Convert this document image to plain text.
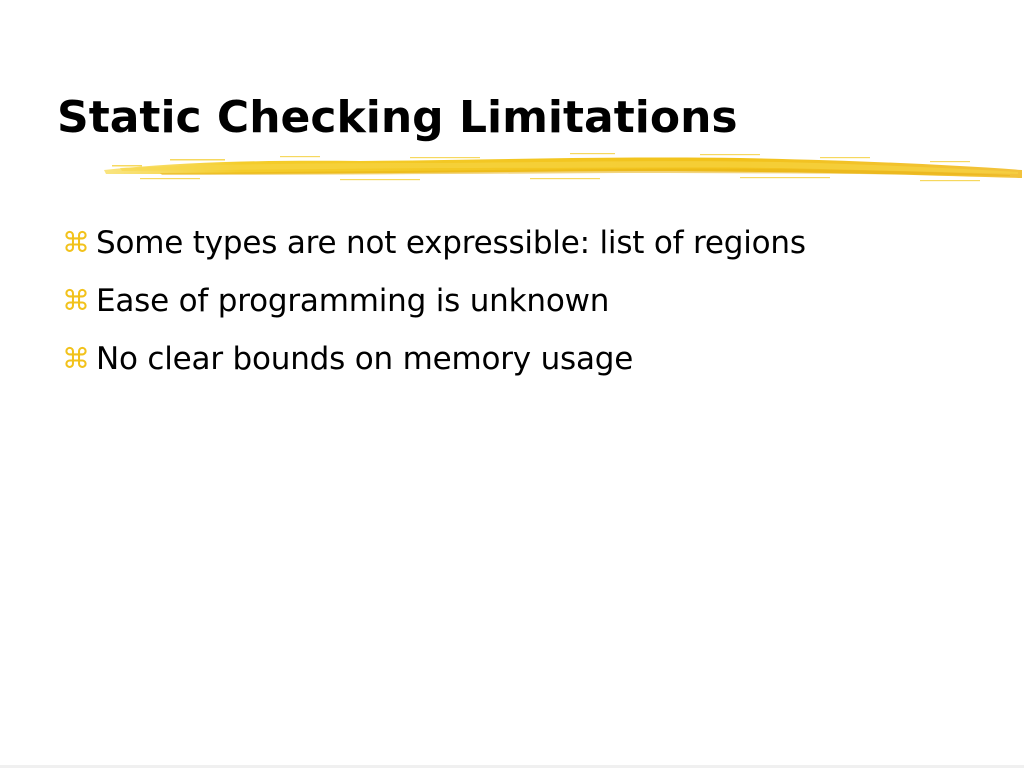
Static Checking Limitations
⌘ Some types are not expressible: list of regions
⌘ Ease of programming is unknown
⌘ No clear bounds on memory usage
